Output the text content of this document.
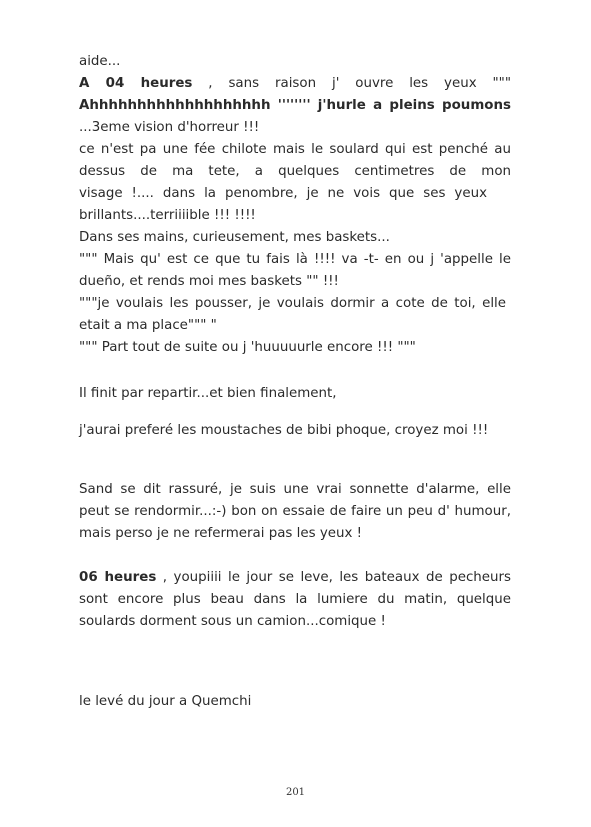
aide...
A 04 heures , sans raison j' ouvre les yeux """
Ahhhhhhhhhhhhhhhhhhh '''''''' j'hurle a pleins poumons
...3eme vision d'horreur !!!
ce n'est pa une fée chilote mais le soulard qui est penché au
dessus de ma tete, a quelques centimetres de mon
visage !.... dans la penombre, je ne vois que ses yeux
brillants....terriiiible !!! !!!!
Dans ses mains, curieusement, mes baskets...
""" Mais qu' est ce que tu fais là !!!! va -t- en ou j 'appelle le
dueño, et rends moi mes baskets "" !!!
"""je voulais les pousser, je voulais dormir a cote de toi, elle
etait a ma place""" "
""" Part tout de suite ou j 'huuuuurle encore !!! """

Il finit par repartir...et bien finalement,

j'aurai preferé les moustaches de bibi phoque, croyez moi !!!

Sand se dit rassuré, je suis une vrai sonnette d'alarme, elle
peut se rendormir...:-) bon on essaie de faire un peu d' humour,
mais perso je ne refermerai pas les yeux !
06 heures , youpiiii le jour se leve, les bateaux de pecheurs
sont encore plus beau dans la lumiere du matin, quelque
soulards dorment sous un camion...comique !

le levé du jour a Quemchi

201
